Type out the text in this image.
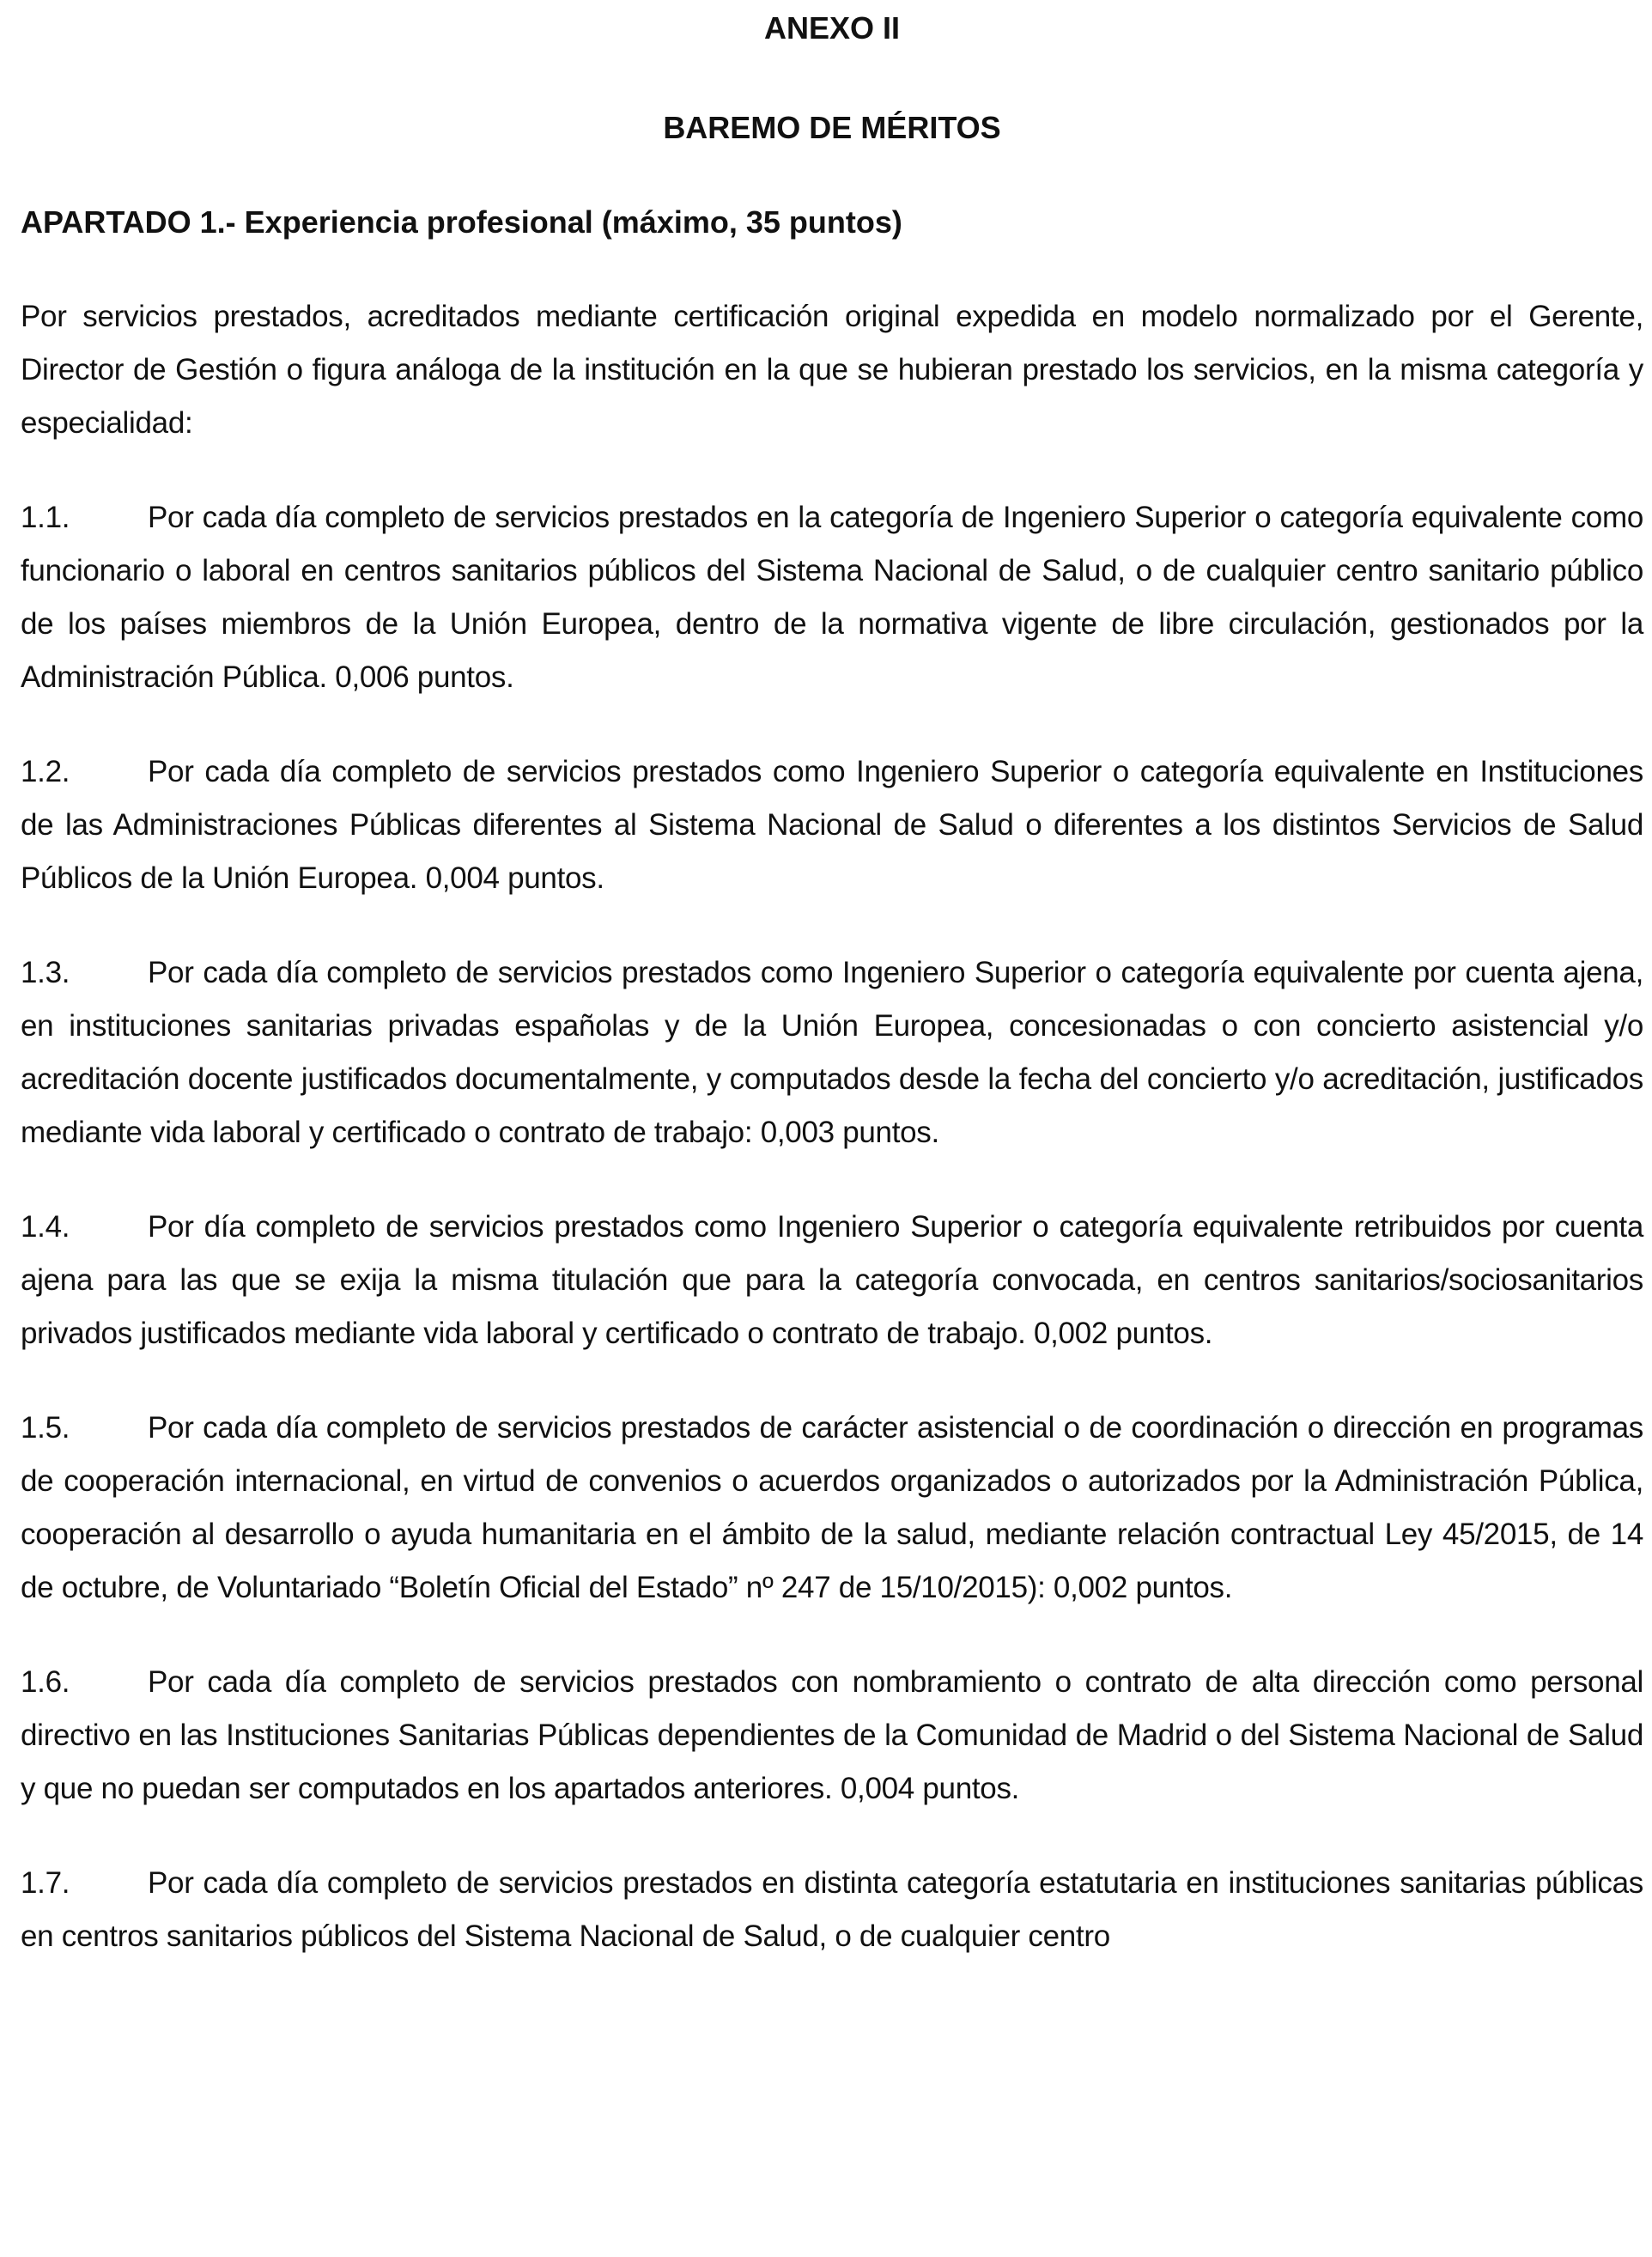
ANEXO II
BAREMO DE MÉRITOS
APARTADO 1.- Experiencia profesional (máximo, 35 puntos)

Por servicios prestados, acreditados mediante certificación original expedida en modelo normalizado por el Gerente, Director de Gestión o figura análoga de la institución en la que se hubieran prestado los servicios, en la misma categoría y especialidad:

1.1.	Por cada día completo de servicios prestados en la categoría de Ingeniero Superior o categoría equivalente como funcionario o laboral en centros sanitarios públicos del Sistema Nacional de Salud, o de cualquier centro sanitario público de los países miembros de la Unión Europea, dentro de la normativa vigente de libre circulación, gestionados por la Administración Pública. 0,006 puntos.

1.2.	Por cada día completo de servicios prestados como Ingeniero Superior o categoría equivalente en Instituciones de las Administraciones Públicas diferentes al Sistema Nacional de Salud o diferentes a los distintos Servicios de Salud Públicos de la Unión Europea. 0,004 puntos.

1.3.	Por cada día completo de servicios prestados como Ingeniero Superior o categoría equivalente por cuenta ajena, en instituciones sanitarias privadas españolas y de la Unión Europea, concesionadas o con concierto asistencial y/o acreditación docente justificados documentalmente, y computados desde la fecha del concierto y/o acreditación, justificados mediante vida laboral y certificado o contrato de trabajo: 0,003 puntos.

1.4.	Por día completo de servicios prestados como Ingeniero Superior o categoría equivalente retribuidos por cuenta ajena para las que se exija la misma titulación que para la categoría convocada, en centros sanitarios/sociosanitarios privados justificados mediante vida laboral y certificado o contrato de trabajo. 0,002 puntos.

1.5.	Por cada día completo de servicios prestados de carácter asistencial o de coordinación o dirección en programas de cooperación internacional, en virtud de convenios o acuerdos organizados o autorizados por la Administración Pública, cooperación al desarrollo o ayuda humanitaria en el ámbito de la salud, mediante relación contractual Ley 45/2015, de 14 de octubre, de Voluntariado “Boletín Oficial del Estado” nº 247 de 15/10/2015): 0,002 puntos.

1.6.	Por cada día completo de servicios prestados con nombramiento o contrato de alta dirección como personal directivo en las Instituciones Sanitarias Públicas dependientes de la Comunidad de Madrid o del Sistema Nacional de Salud y que no puedan ser computados en los apartados anteriores. 0,004 puntos.

1.7.	Por cada día completo de servicios prestados en distinta categoría estatutaria en instituciones sanitarias públicas en centros sanitarios públicos del Sistema Nacional de Salud, o de cualquier centro
